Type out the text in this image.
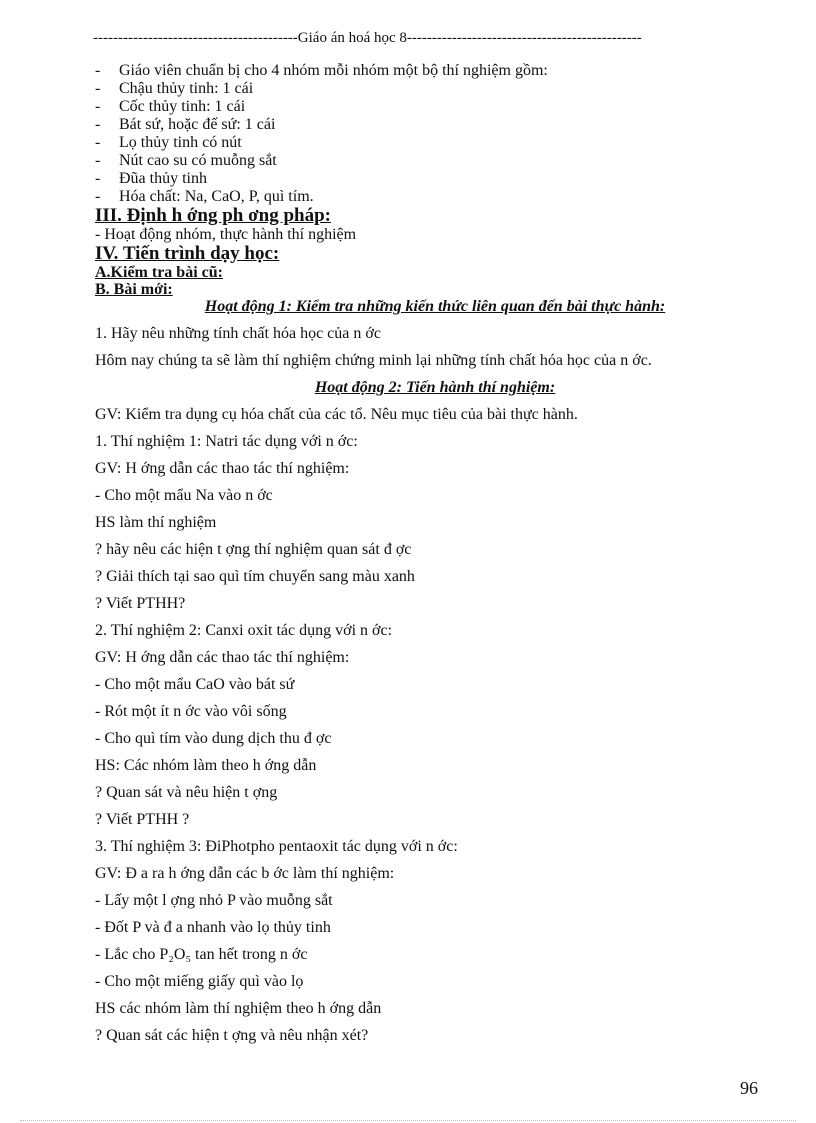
-----------------------------------------Giáo án hoá học 8-----------------------------------------------
-	Giáo viên chuẩn bị cho 4 nhóm mỗi nhóm một bộ thí nghiệm gồm:
-	Chậu thủy tinh: 1 cái
-	Cốc thủy tinh: 1 cái
-	Bát sứ, hoặc đế sứ: 1 cái
-	Lọ thủy tinh có nút
-	Nút cao su có muỗng sắt
-	Đũa thủy tinh
-	Hóa chất: Na, CaO, P, quì tím.
III. Định h ớng ph ơng pháp:
- Hoạt động nhóm, thực hành thí nghiệm
IV. Tiến trình dạy học:
A.Kiểm tra bài cũ:
B. Bài mới:
Hoạt động 1: Kiểm tra những kiến thức liên quan đến bài thực hành:
1. Hãy nêu những tính chất hóa học của n ớc
Hôm nay chúng ta sẽ làm thí nghiệm chứng minh lại những tính chất hóa học của n ớc.
Hoạt động 2: Tiến hành thí nghiệm:
GV: Kiểm tra dụng cụ hóa chất của các tổ. Nêu mục tiêu của bài thực hành.
1. Thí nghiệm 1: Natri tác dụng với n ớc:
GV: H ớng dẫn các thao tác thí nghiệm:
- Cho một mẩu Na vào n ớc
HS làm thí nghiệm
? hãy nêu các hiện t ợng thí nghiệm quan sát đ ợc
? Giải thích tại sao quì tím chuyển sang màu xanh
? Viết PTHH?
2. Thí nghiệm 2: Canxi oxit tác dụng với n ớc:
GV: H ớng dẫn các thao tác thí nghiệm:
- Cho một mẩu CaO vào bát sứ
- Rót một ít n ớc vào vôi sống
- Cho quì tím vào dung dịch thu đ ợc
HS: Các nhóm làm theo h ớng dẫn
? Quan sát và nêu hiện t ợng
? Viết PTHH ?
3. Thí nghiệm 3: ĐiPhotpho pentaoxit tác dụng với n ớc:
GV: Đ a ra h ớng dẫn các b ớc làm thí nghiệm:
- Lấy một l ợng nhỏ P vào muỗng sắt
- Đốt P và đ a nhanh vào lọ thủy tinh
- Lắc cho P₂O₅ tan hết trong n ớc
- Cho một miếng giấy quì vào lọ
HS các nhóm làm thí nghiệm theo h ớng dẫn
? Quan sát các hiện t ợng và nêu nhận xét?
96
